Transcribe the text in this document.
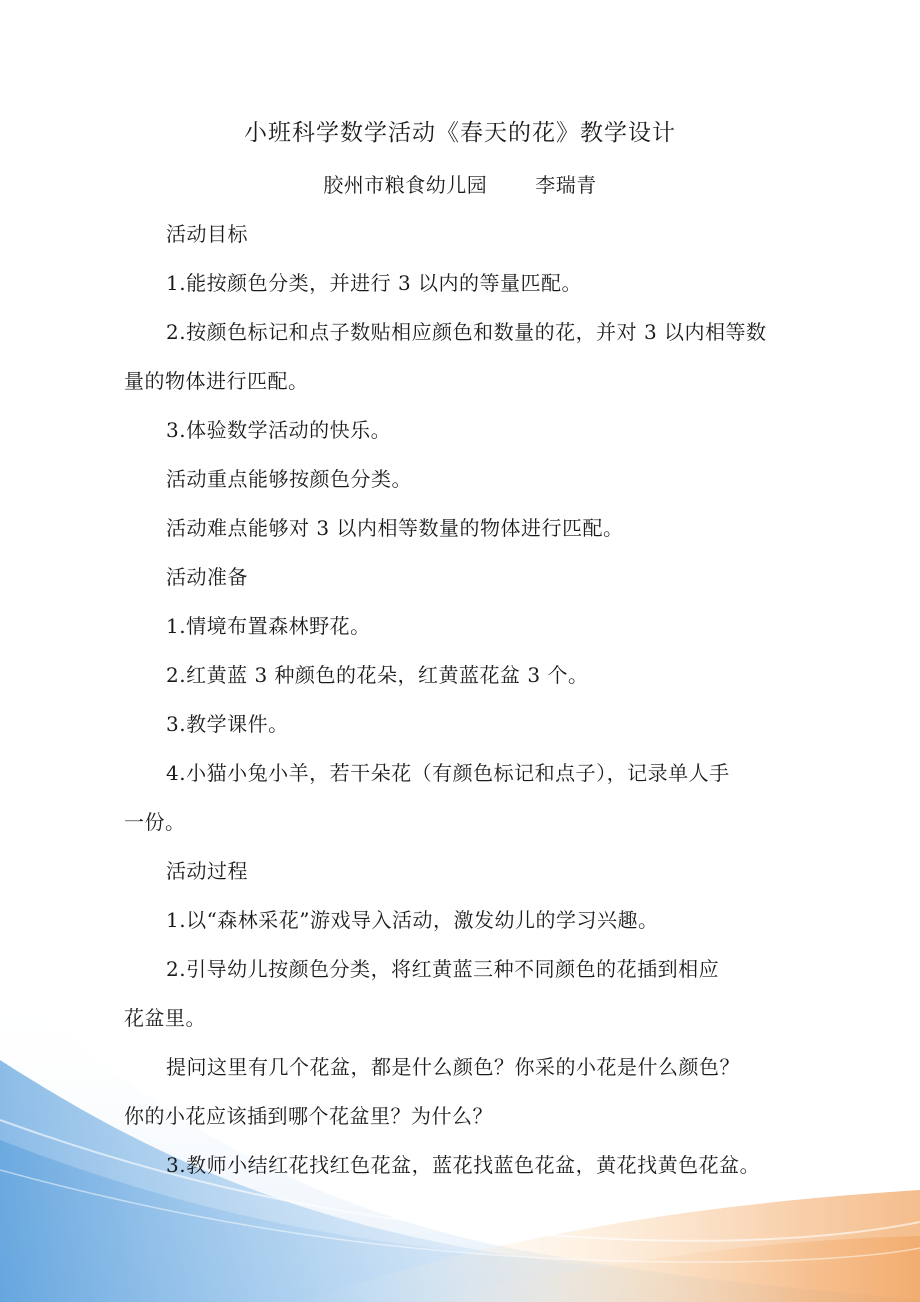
小班科学数学活动《春天的花》教学设计
胶州市粮食幼儿园 李瑞青
活动目标
1.能按颜色分类，并进行 3 以内的等量匹配。
2.按颜色标记和点子数贴相应颜色和数量的花，并对 3 以内相等数
量的物体进行匹配。
3.体验数学活动的快乐。
活动重点能够按颜色分类。
活动难点能够对 3 以内相等数量的物体进行匹配。
活动准备
1.情境布置森林野花。
2.红黄蓝 3 种颜色的花朵，红黄蓝花盆 3 个。
3.教学课件。
4.小猫小兔小羊，若干朵花（有颜色标记和点子），记录单人手
一份。
活动过程
1.以“森林采花”游戏导入活动，激发幼儿的学习兴趣。
2.引导幼儿按颜色分类，将红黄蓝三种不同颜色的花插到相应
花盆里。
提问这里有几个花盆，都是什么颜色？你采的小花是什么颜色？
你的小花应该插到哪个花盆里？为什么？
3.教师小结红花找红色花盆，蓝花找蓝色花盆，黄花找黄色花盆。
